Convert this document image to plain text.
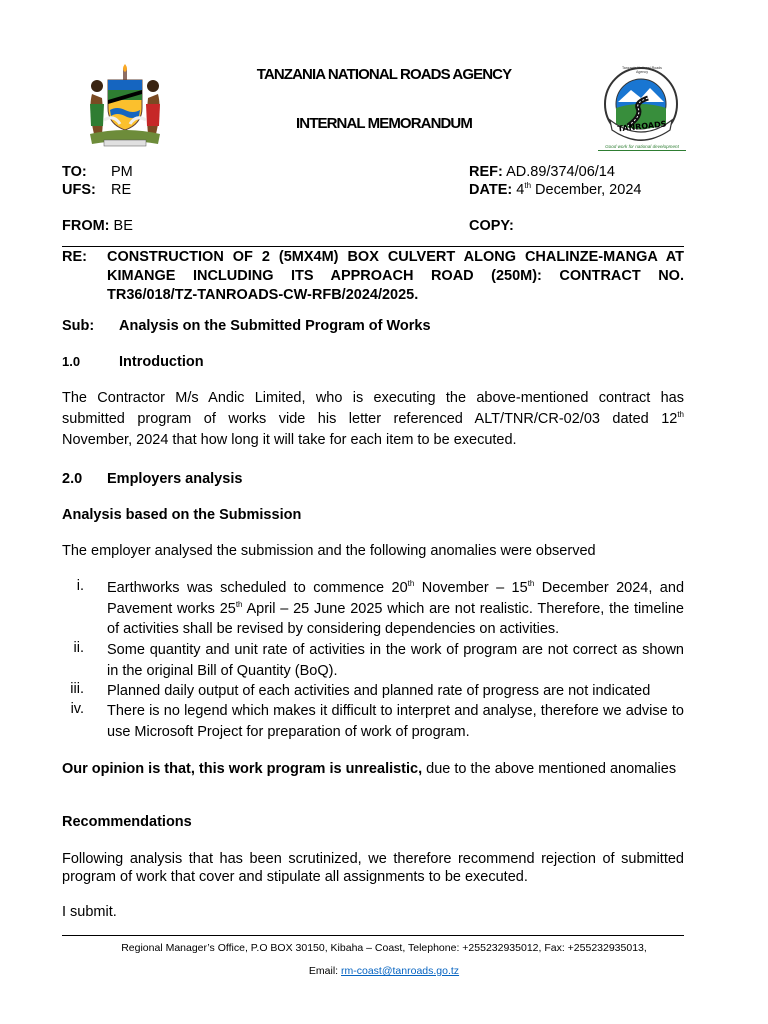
TANZANIA NATIONAL ROADS AGENCY
INTERNAL MEMORANDUM	TANROADS
Tanzania National Roads Agency
Good work for national development
TO: PM
UFS: RE
FROM: BE
REF: AD.89/374/06/14
DATE: 4th December, 2024
COPY:
RE: CONSTRUCTION OF 2 (5MX4M) BOX CULVERT ALONG CHALINZE-MANGA AT
KIMANGE INCLUDING ITS APPROACH ROAD (250M): CONTRACT NO.
TR36/018/TZ-TANROADS-CW-RFB/2024/2025.
Sub: Analysis on the Submitted Program of Works
1.0	Introduction
The Contractor M/s Andic Limited, who is executing the above-mentioned contract has
submitted program of works vide his letter referenced ALT/TNR/CR-02/03 dated 12th
November, 2024 that how long it will take for each item to be executed.
2.0 Employers analysis
Analysis based on the Submission
The employer analysed the submission and the following anomalies were observed
i. Earthworks was scheduled to commence 20th November – 15th December 2024, and Pavement works 25th April – 25 June 2025 which are not realistic. Therefore, the timeline of activities shall be revised by considering dependencies on activities.
ii. Some quantity and unit rate of activities in the work of program are not correct as shown in the original Bill of Quantity (BoQ).
iii. Planned daily output of each activities and planned rate of progress are not indicated
iv. There is no legend which makes it difficult to interpret and analyse, therefore we advise to use Microsoft Project for preparation of work of program.
Our opinion is that, this work program is unrealistic, due to the above mentioned anomalies
Recommendations
Following analysis that has been scrutinized, we therefore recommend rejection of submitted program of work that cover and stipulate all assignments to be executed.
I submit.
Regional Manager’s Office, P.O BOX 30150, Kibaha – Coast, Telephone: +255232935012, Fax: +255232935013,
Email: rm-coast@tanroads.go.tz
